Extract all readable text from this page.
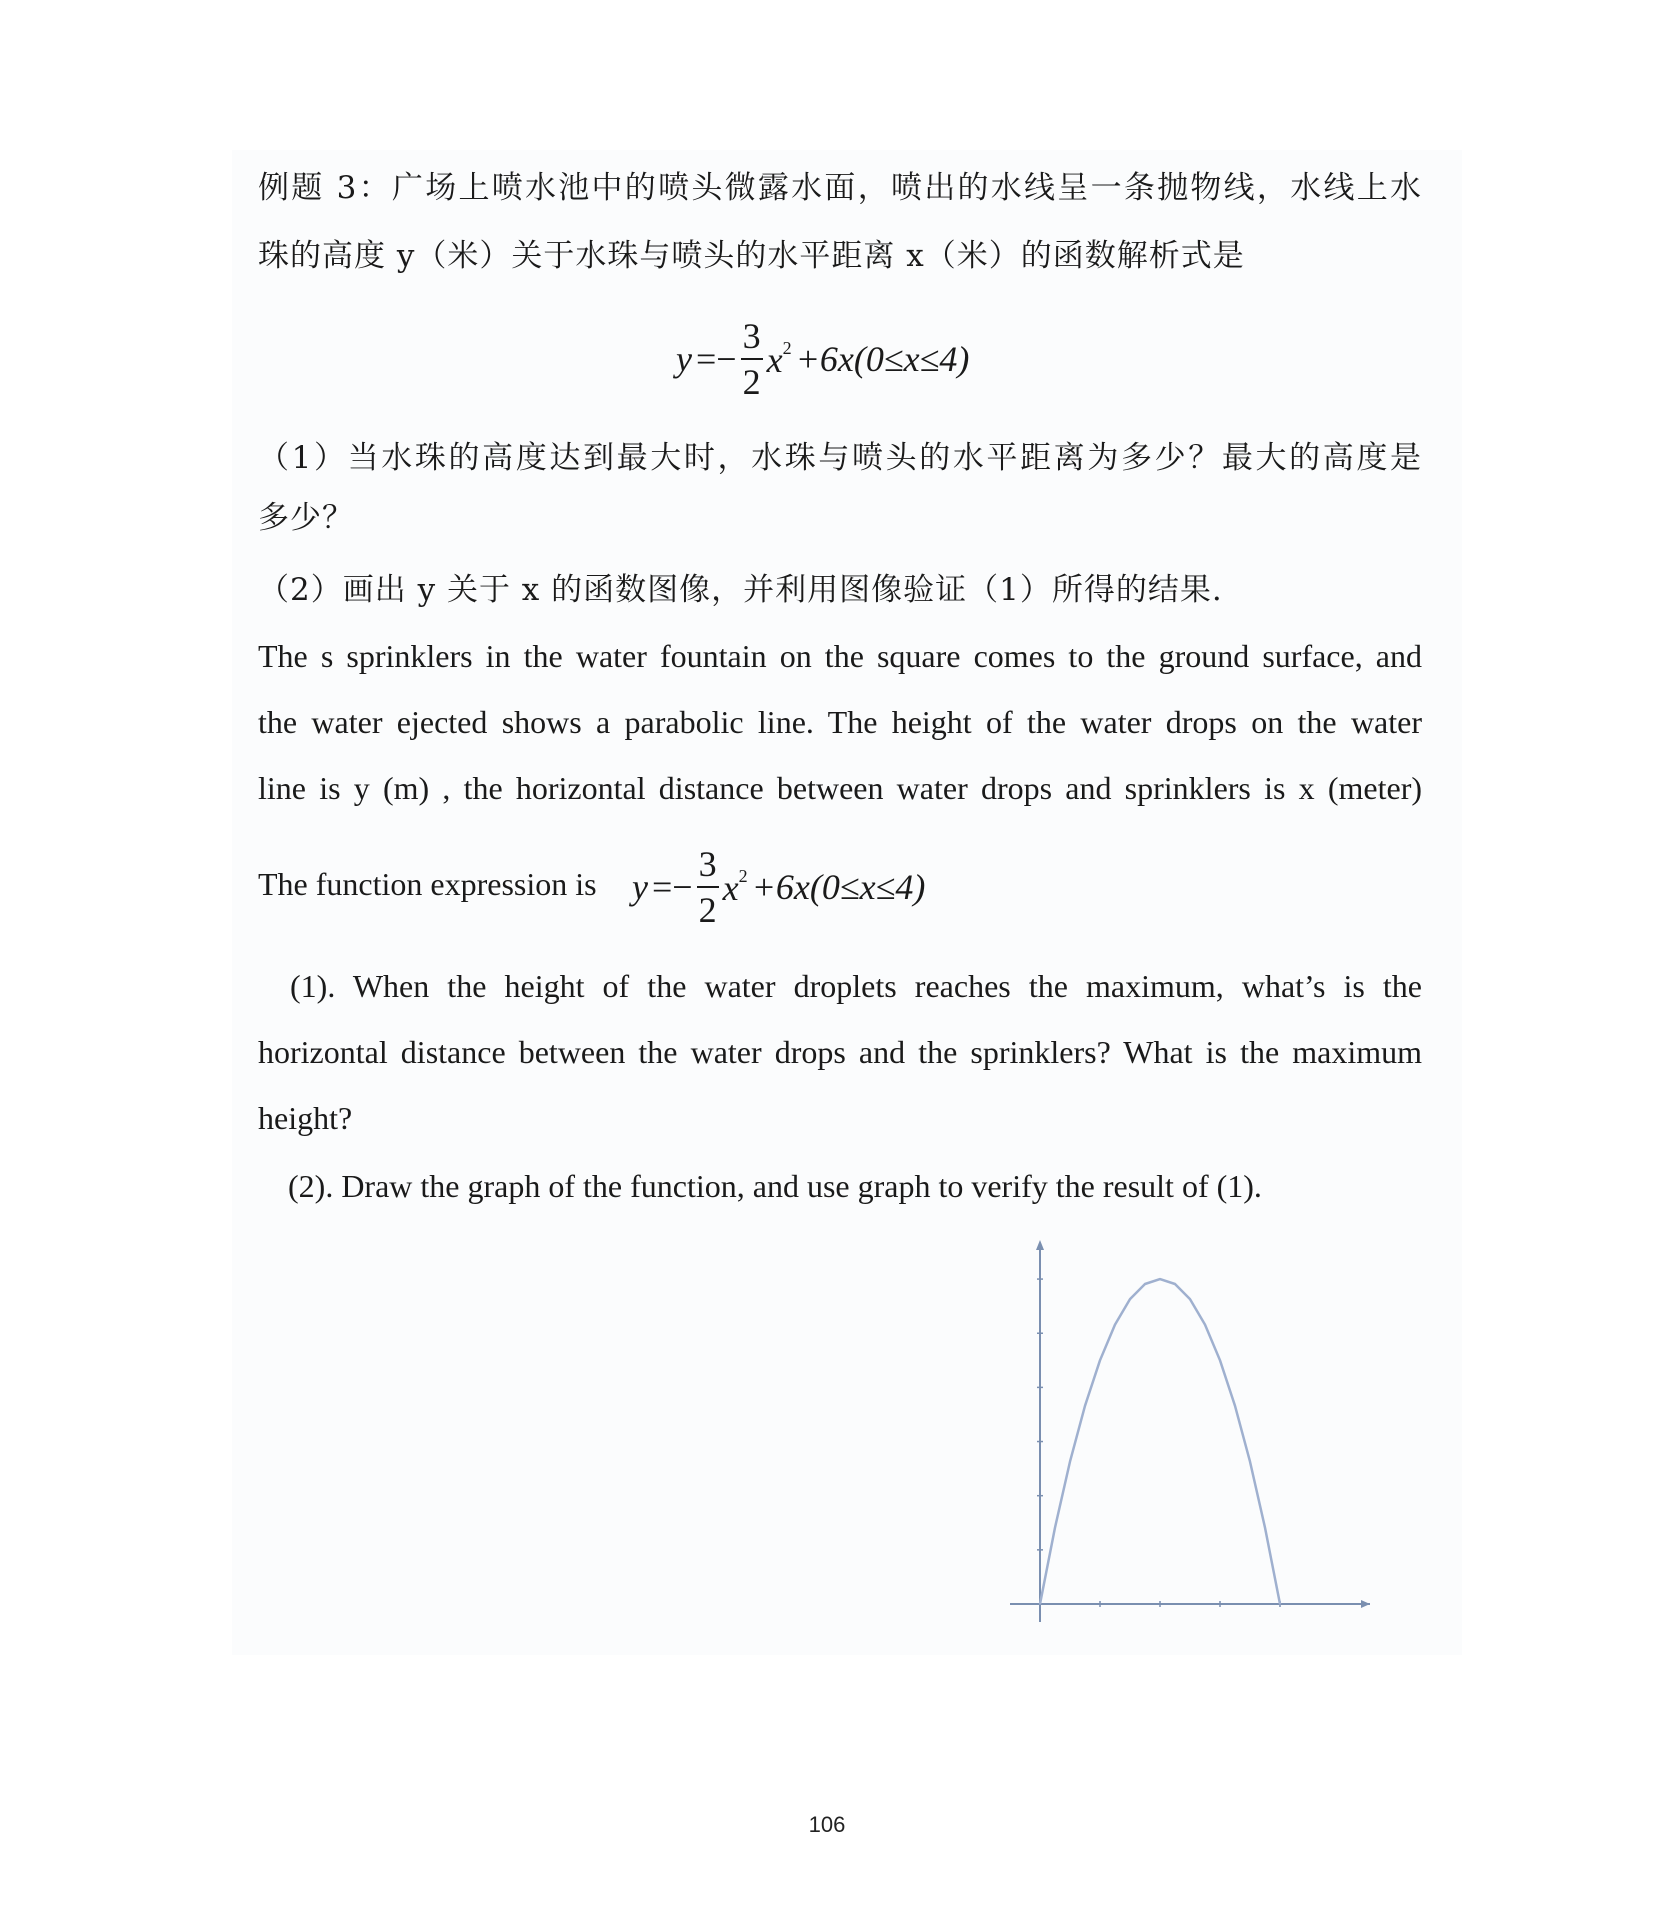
例题 3：广场上喷水池中的喷头微露水面，喷出的水线呈一条抛物线，水线上水
珠的高度 y（米）关于水珠与喷头的水平距离 x（米）的函数解析式是
$y =- \frac{3}{2} x^2 +6x(0\le x\le 4)$
（1）当水珠的高度达到最大时，水珠与喷头的水平距离为多少？最大的高度是
多少？
（2）画出 y 关于 x 的函数图像，并利用图像验证（1）所得的结果.
The s sprinklers in the water fountain on the square comes to the ground surface, and
the water ejected shows a parabolic line. The height of the water drops on the water
line is y (m) , the horizontal distance between water drops and sprinklers is x (meter)
The function expression is $y =- \frac{3}{2} x^2 +6x(0\le x\le 4)$
(1). When the height of the water droplets reaches the maximum, what’s is the
horizontal distance between the water drops and the sprinklers? What is the maximum
height?
(2). Draw the graph of the function, and use graph to verify the result of (1).
106
